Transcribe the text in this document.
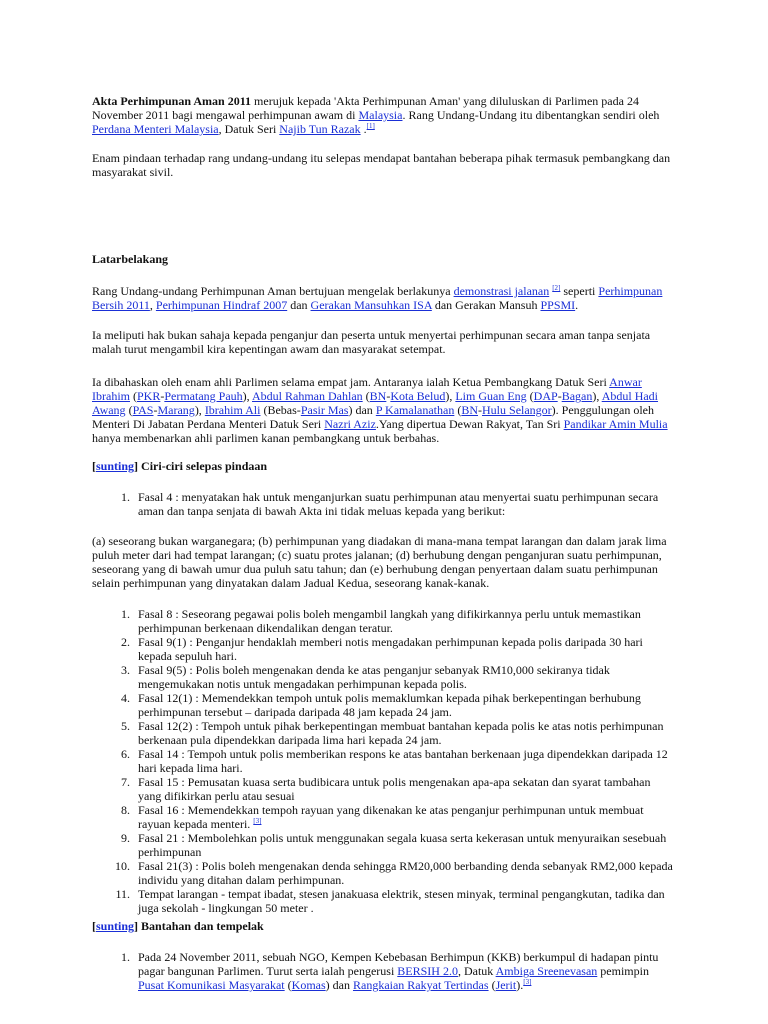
Akta Perhimpunan Aman 2011 merujuk kepada 'Akta Perhimpunan Aman' yang diluluskan di Parlimen pada 24 November 2011 bagi mengawal perhimpunan awam di Malaysia. Rang Undang-Undang itu dibentangkan sendiri oleh Perdana Menteri Malaysia, Datuk Seri Najib Tun Razak .[1]

Enam pindaan terhadap rang undang-undang itu selepas mendapat bantahan beberapa pihak termasuk pembangkang dan masyarakat sivil.

Latarbelakang

Rang Undang-undang Perhimpunan Aman bertujuan mengelak berlakunya demonstrasi jalanan [2] seperti Perhimpunan Bersih 2011, Perhimpunan Hindraf 2007 dan Gerakan Mansuhkan ISA dan Gerakan Mansuh PPSMI.

Ia meliputi hak bukan sahaja kepada penganjur dan peserta untuk menyertai perhimpunan secara aman tanpa senjata malah turut mengambil kira kepentingan awam dan masyarakat setempat.

Ia dibahaskan oleh enam ahli Parlimen selama empat jam. Antaranya ialah Ketua Pembangkang Datuk Seri Anwar Ibrahim (PKR-Permatang Pauh), Abdul Rahman Dahlan (BN-Kota Belud), Lim Guan Eng (DAP-Bagan), Abdul Hadi Awang (PAS-Marang), Ibrahim Ali (Bebas-Pasir Mas) dan P Kamalanathan (BN-Hulu Selangor). Penggulungan oleh Menteri Di Jabatan Perdana Menteri Datuk Seri Nazri Aziz.Yang dipertua Dewan Rakyat, Tan Sri Pandikar Amin Mulia hanya membenarkan ahli parlimen kanan pembangkang untuk berbahas.

[sunting] Ciri-ciri selepas pindaan

1. Fasal 4 : menyatakan hak untuk menganjurkan suatu perhimpunan atau menyertai suatu perhimpunan secara aman dan tanpa senjata di bawah Akta ini tidak meluas kepada yang berikut:

(a) seseorang bukan warganegara; (b) perhimpunan yang diadakan di mana-mana tempat larangan dan dalam jarak lima puluh meter dari had tempat larangan; (c) suatu protes jalanan; (d) berhubung dengan penganjuran suatu perhimpunan, seseorang yang di bawah umur dua puluh satu tahun; dan (e) berhubung dengan penyertaan dalam suatu perhimpunan selain perhimpunan yang dinyatakan dalam Jadual Kedua, seseorang kanak-kanak.

1. Fasal 8 : Seseorang pegawai polis boleh mengambil langkah yang difikirkannya perlu untuk memastikan perhimpunan berkenaan dikendalikan dengan teratur.
2. Fasal 9(1) : Penganjur hendaklah memberi notis mengadakan perhimpunan kepada polis daripada 30 hari kepada sepuluh hari.
3. Fasal 9(5) : Polis boleh mengenakan denda ke atas penganjur sebanyak RM10,000 sekiranya tidak mengemukakan notis untuk mengadakan perhimpunan kepada polis.
4. Fasal 12(1) : Memendekkan tempoh untuk polis memaklumkan kepada pihak berkepentingan berhubung perhimpunan tersebut – daripada daripada 48 jam kepada 24 jam.
5. Fasal 12(2) : Tempoh untuk pihak berkepentingan membuat bantahan kepada polis ke atas notis perhimpunan berkenaan pula dipendekkan daripada lima hari kepada 24 jam.
6. Fasal 14 : Tempoh untuk polis memberikan respons ke atas bantahan berkenaan juga dipendekkan daripada 12 hari kepada lima hari.
7. Fasal 15 : Pemusatan kuasa serta budibicara untuk polis mengenakan apa-apa sekatan dan syarat tambahan yang difikirkan perlu atau sesuai
8. Fasal 16 : Memendekkan tempoh rayuan yang dikenakan ke atas penganjur perhimpunan untuk membuat rayuan kepada menteri. [3]
9. Fasal 21 : Membolehkan polis untuk menggunakan segala kuasa serta kekerasan untuk menyuraikan sesebuah perhimpunan
10. Fasal 21(3) : Polis boleh mengenakan denda sehingga RM20,000 berbanding denda sebanyak RM2,000 kepada individu yang ditahan dalam perhimpunan.
11. Tempat larangan - tempat ibadat, stesen janakuasa elektrik, stesen minyak, terminal pengangkutan, tadika dan juga sekolah - lingkungan 50 meter .

[sunting] Bantahan dan tempelak

1. Pada 24 November 2011, sebuah NGO, Kempen Kebebasan Berhimpun (KKB) berkumpul di hadapan pintu pagar bangunan Parlimen. Turut serta ialah pengerusi BERSIH 2.0, Datuk Ambiga Sreenevasan pemimpin Pusat Komunikasi Masyarakat (Komas) dan Rangkaian Rakyat Tertindas (Jerit).[3]
